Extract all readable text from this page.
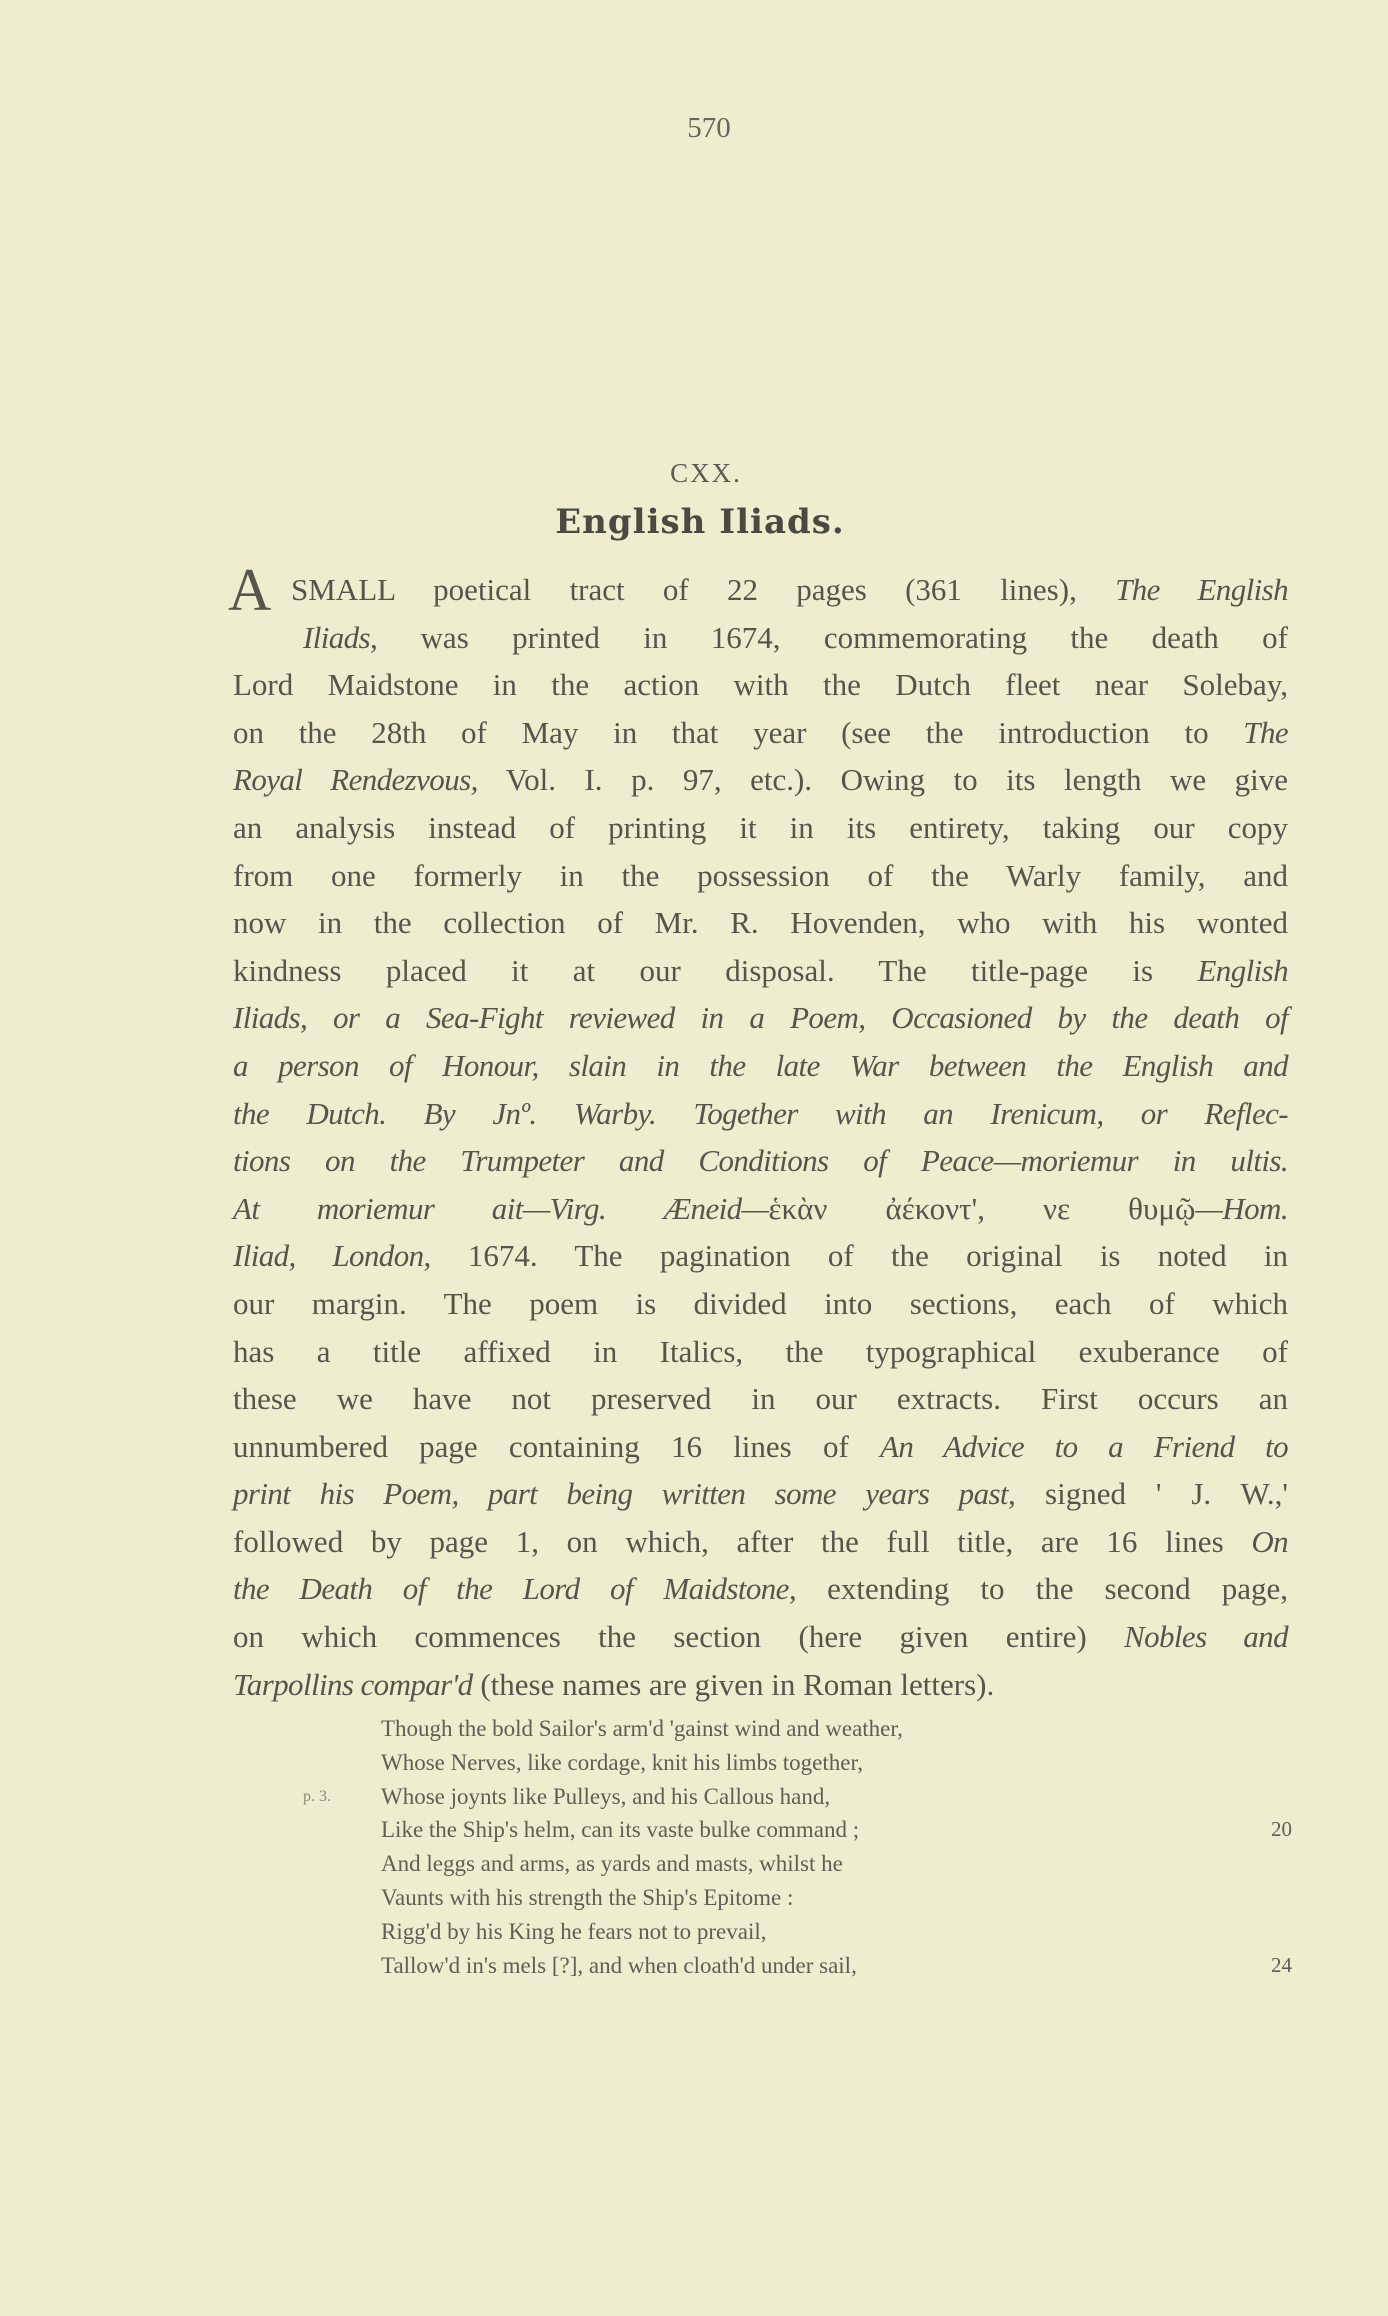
570
CXX.
English Iliads.
A SMALL poetical tract of 22 pages (361 lines), The English
Iliads, was printed in 1674, commemorating the death of
Lord Maidstone in the action with the Dutch fleet near Solebay,
on the 28th of May in that year (see the introduction to The
Royal Rendezvous, Vol. I. p. 97, etc.). Owing to its length we give
an analysis instead of printing it in its entirety, taking our copy
from one formerly in the possession of the Warly family, and
now in the collection of Mr. R. Hovenden, who with his wonted
kindness placed it at our disposal. The title-page is English
Iliads, or a Sea-Fight reviewed in a Poem, Occasioned by the death of
a person of Honour, slain in the late War between the English and
the Dutch. By Jnº. Warby. Together with an Irenicum, or Reflec-
tions on the Trumpeter and Conditions of Peace—moriemur in ultis.
At moriemur ait—Virg. Æneid—ἑκὰν ἀέκοντ', νε θυμῷ—Hom.
Iliad, London, 1674. The pagination of the original is noted in
our margin. The poem is divided into sections, each of which
has a title affixed in Italics, the typographical exuberance of
these we have not preserved in our extracts. First occurs an
unnumbered page containing 16 lines of An Advice to a Friend to
print his Poem, part being written some years past, signed ' J. W.,'
followed by page 1, on which, after the full title, are 16 lines On
the Death of the Lord of Maidstone, extending to the second page,
on which commences the section (here given entire) Nobles and
Tarpollins compar'd (these names are given in Roman letters).
Though the bold Sailor's arm'd 'gainst wind and weather,
Whose Nerves, like cordage, knit his limbs together,
Whose joynts like Pulleys, and his Callous hand,
p. 3.
Like the Ship's helm, can its vaste bulke command ;	20
And leggs and arms, as yards and masts, whilst he
Vaunts with his strength the Ship's Epitome :
Rigg'd by his King he fears not to prevail,
Tallow'd in's mels [?], and when cloath'd under sail,	24
